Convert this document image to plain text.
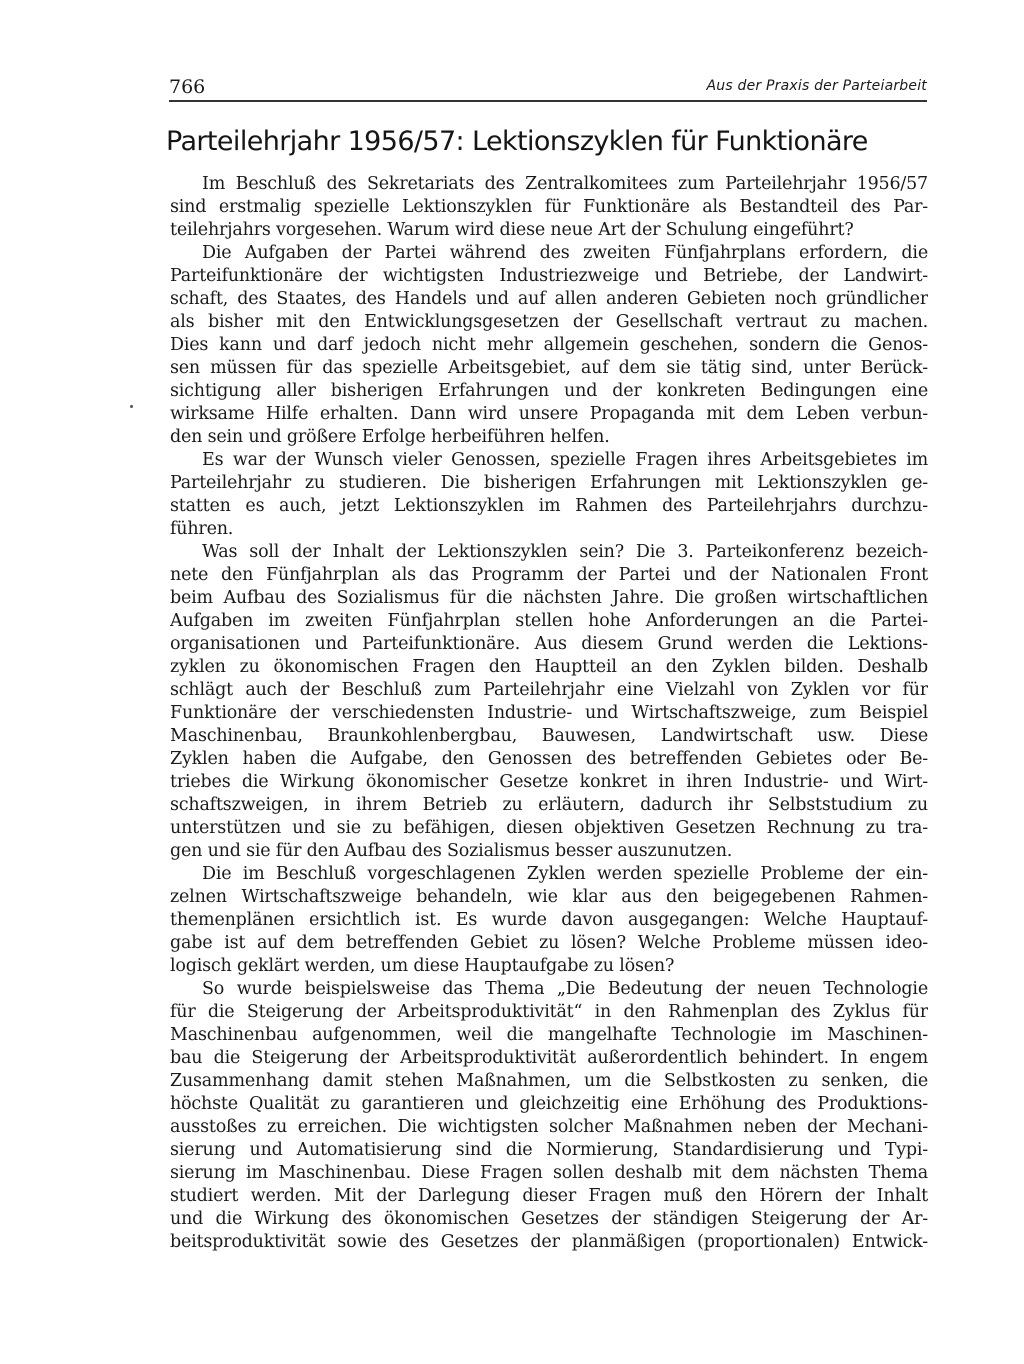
766	Aus der Praxis der Parteiarbeit
Parteilehrjahr 1956/57: Lektionszyklen für Funktionäre
Im Beschluß des Sekretariats des Zentralkomitees zum Parteilehrjahr 1956/57
sind erstmalig spezielle Lektionszyklen für Funktionäre als Bestandteil des Par-
teilehrjahrs vorgesehen. Warum wird diese neue Art der Schulung eingeführt?
Die Aufgaben der Partei während des zweiten Fünfjahrplans erfordern, die
Parteifunktionäre der wichtigsten Industriezweige und Betriebe, der Landwirt-
schaft, des Staates, des Handels und auf allen anderen Gebieten noch gründlicher
als bisher mit den Entwicklungsgesetzen der Gesellschaft vertraut zu machen.
Dies kann und darf jedoch nicht mehr allgemein geschehen, sondern die Genos-
sen müssen für das spezielle Arbeitsgebiet, auf dem sie tätig sind, unter Berück-
sichtigung aller bisherigen Erfahrungen und der konkreten Bedingungen eine
wirksame Hilfe erhalten. Dann wird unsere Propaganda mit dem Leben verbun-
den sein und größere Erfolge herbeiführen helfen.
Es war der Wunsch vieler Genossen, spezielle Fragen ihres Arbeitsgebietes im
Parteilehrjahr zu studieren. Die bisherigen Erfahrungen mit Lektionszyklen ge-
statten es auch, jetzt Lektionszyklen im Rahmen des Parteilehrjahrs durchzu-
führen.
Was soll der Inhalt der Lektionszyklen sein? Die 3. Parteikonferenz bezeich-
nete den Fünfjahrplan als das Programm der Partei und der Nationalen Front
beim Aufbau des Sozialismus für die nächsten Jahre. Die großen wirtschaftlichen
Aufgaben im zweiten Fünfjahrplan stellen hohe Anforderungen an die Partei-
organisationen und Parteifunktionäre. Aus diesem Grund werden die Lektions-
zyklen zu ökonomischen Fragen den Hauptteil an den Zyklen bilden. Deshalb
schlägt auch der Beschluß zum Parteilehrjahr eine Vielzahl von Zyklen vor für
Funktionäre der verschiedensten Industrie- und Wirtschaftszweige, zum Beispiel
Maschinenbau, Braunkohlenbergbau, Bauwesen, Landwirtschaft usw. Diese
Zyklen haben die Aufgabe, den Genossen des betreffenden Gebietes oder Be-
triebes die Wirkung ökonomischer Gesetze konkret in ihren Industrie- und Wirt-
schaftszweigen, in ihrem Betrieb zu erläutern, dadurch ihr Selbststudium zu
unterstützen und sie zu befähigen, diesen objektiven Gesetzen Rechnung zu tra-
gen und sie für den Aufbau des Sozialismus besser auszunutzen.
Die im Beschluß vorgeschlagenen Zyklen werden spezielle Probleme der ein-
zelnen Wirtschaftszweige behandeln, wie klar aus den beigegebenen Rahmen-
themenplänen ersichtlich ist. Es wurde davon ausgegangen: Welche Hauptauf-
gabe ist auf dem betreffenden Gebiet zu lösen? Welche Probleme müssen ideo-
logisch geklärt werden, um diese Hauptaufgabe zu lösen?
So wurde beispielsweise das Thema „Die Bedeutung der neuen Technologie
für die Steigerung der Arbeitsproduktivität“ in den Rahmenplan des Zyklus für
Maschinenbau aufgenommen, weil die mangelhafte Technologie im Maschinen-
bau die Steigerung der Arbeitsproduktivität außerordentlich behindert. In engem
Zusammenhang damit stehen Maßnahmen, um die Selbstkosten zu senken, die
höchste Qualität zu garantieren und gleichzeitig eine Erhöhung des Produktions-
ausstoßes zu erreichen. Die wichtigsten solcher Maßnahmen neben der Mechani-
sierung und Automatisierung sind die Normierung, Standardisierung und Typi-
sierung im Maschinenbau. Diese Fragen sollen deshalb mit dem nächsten Thema
studiert werden. Mit der Darlegung dieser Fragen muß den Hörern der Inhalt
und die Wirkung des ökonomischen Gesetzes der ständigen Steigerung der Ar-
beitsproduktivität sowie des Gesetzes der planmäßigen (proportionalen) Entwick-
